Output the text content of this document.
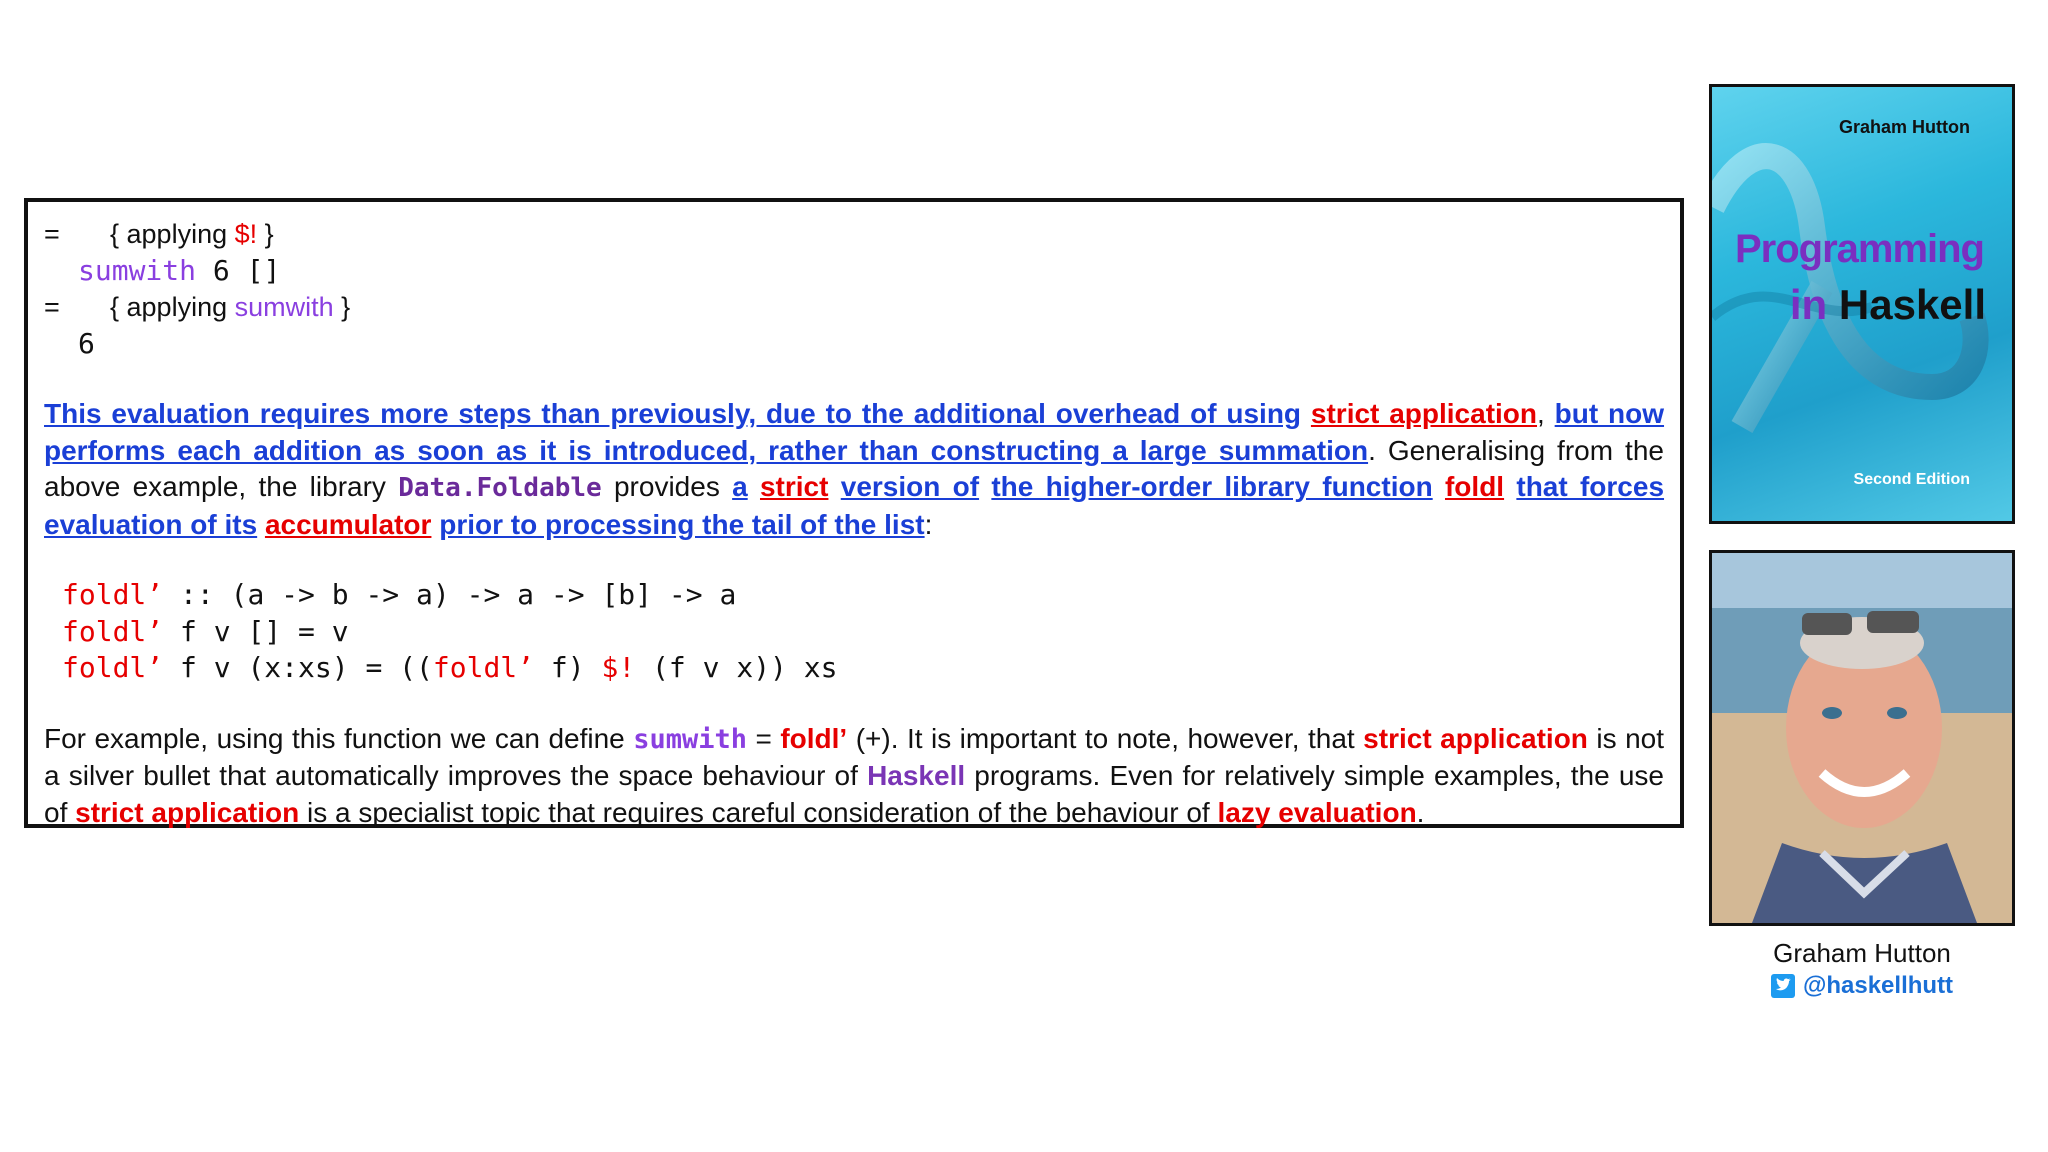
=	{ applying $! }
sumwith 6 []
=	{ applying sumwith }
6

This evaluation requires more steps than previously, due to the additional overhead of using strict application, but now performs each addition as soon as it is introduced, rather than constructing a large summation. Generalising from the above example, the library Data.Foldable provides a strict version of the higher-order library function foldl that forces evaluation of its accumulator prior to processing the tail of the list:

foldl’ :: (a -> b -> a) -> a -> [b] -> a
foldl’ f v [] = v
foldl’ f v (x:xs) = ((foldl’ f) $! (f v x)) xs

For example, using this function we can define sumwith = foldl’ (+). It is important to note, however, that strict application is not a silver bullet that automatically improves the space behaviour of Haskell programs. Even for relatively simple examples, the use of strict application is a specialist topic that requires careful consideration of the behaviour of lazy evaluation.

Graham Hutton
Programming
in Haskell
Second Edition
Graham Hutton
@haskellhutt
